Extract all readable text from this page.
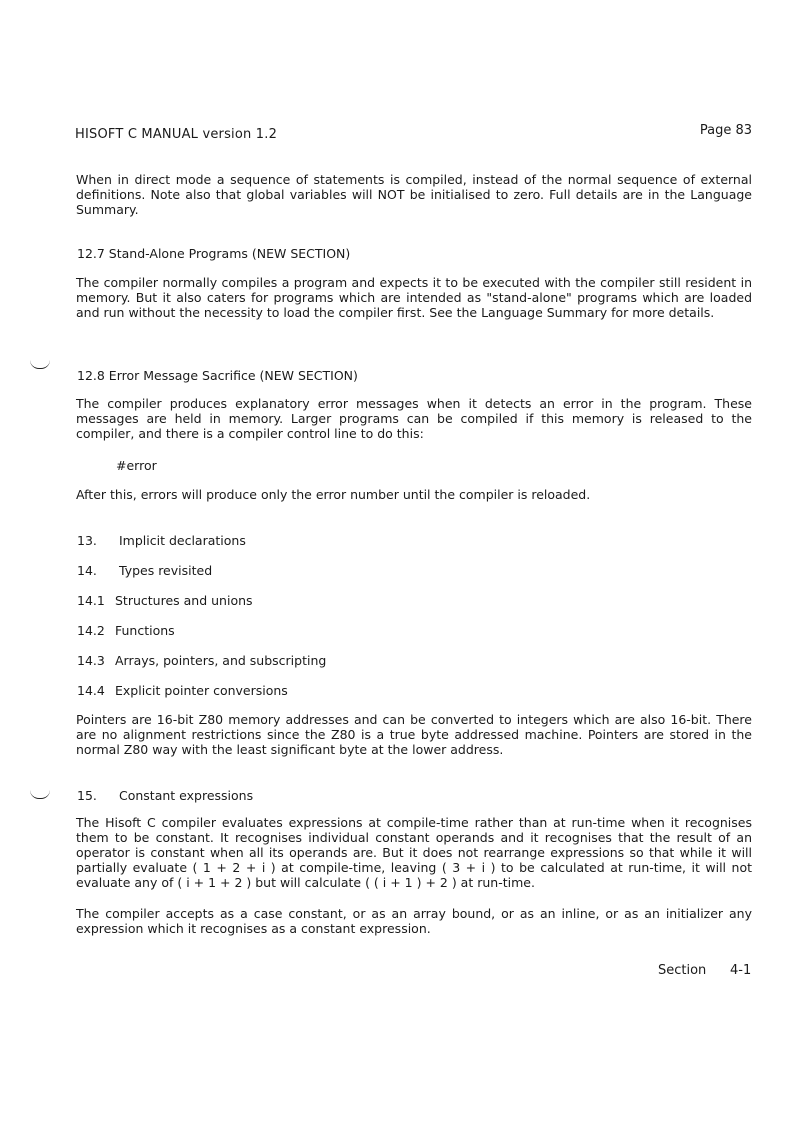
HISOFT C MANUAL version 1.2	Page 83

When in direct mode a sequence of statements is compiled, instead of the normal sequence of external definitions. Note also that global variables will NOT be initialised to zero. Full details are in the Language Summary.

12.7 Stand-Alone Programs (NEW SECTION)

The compiler normally compiles a program and expects it to be executed with the compiler still resident in memory. But it also caters for programs which are intended as "stand-alone" programs which are loaded and run without the necessity to load the compiler first. See the Language Summary for more details.

12.8 Error Message Sacrifice (NEW SECTION)

The compiler produces explanatory error messages when it detects an error in the program. These messages are held in memory. Larger programs can be compiled if this memory is released to the compiler, and there is a compiler control line to do this:

#error

After this, errors will produce only the error number until the compiler is reloaded.

13. Implicit declarations
14. Types revisited
14.1 Structures and unions
14.2 Functions
14.3 Arrays, pointers, and subscripting
14.4 Explicit pointer conversions

Pointers are 16-bit Z80 memory addresses and can be converted to integers which are also 16-bit. There are no alignment restrictions since the Z80 is a true byte addressed machine. Pointers are stored in the normal Z80 way with the least significant byte at the lower address.

15. Constant expressions

The Hisoft C compiler evaluates expressions at compile-time rather than at run-time when it recognises them to be constant. It recognises individual constant operands and it recognises that the result of an operator is constant when all its operands are. But it does not rearrange expressions so that while it will partially evaluate ( 1 + 2 + i ) at compile-time, leaving ( 3 + i ) to be calculated at run-time, it will not evaluate any of ( i + 1 + 2 ) but will calculate ( ( i + 1 ) + 2 ) at run-time.

The compiler accepts as a case constant, or as an array bound, or as an inline, or as an initializer any expression which it recognises as a constant expression.

Section 4-1
